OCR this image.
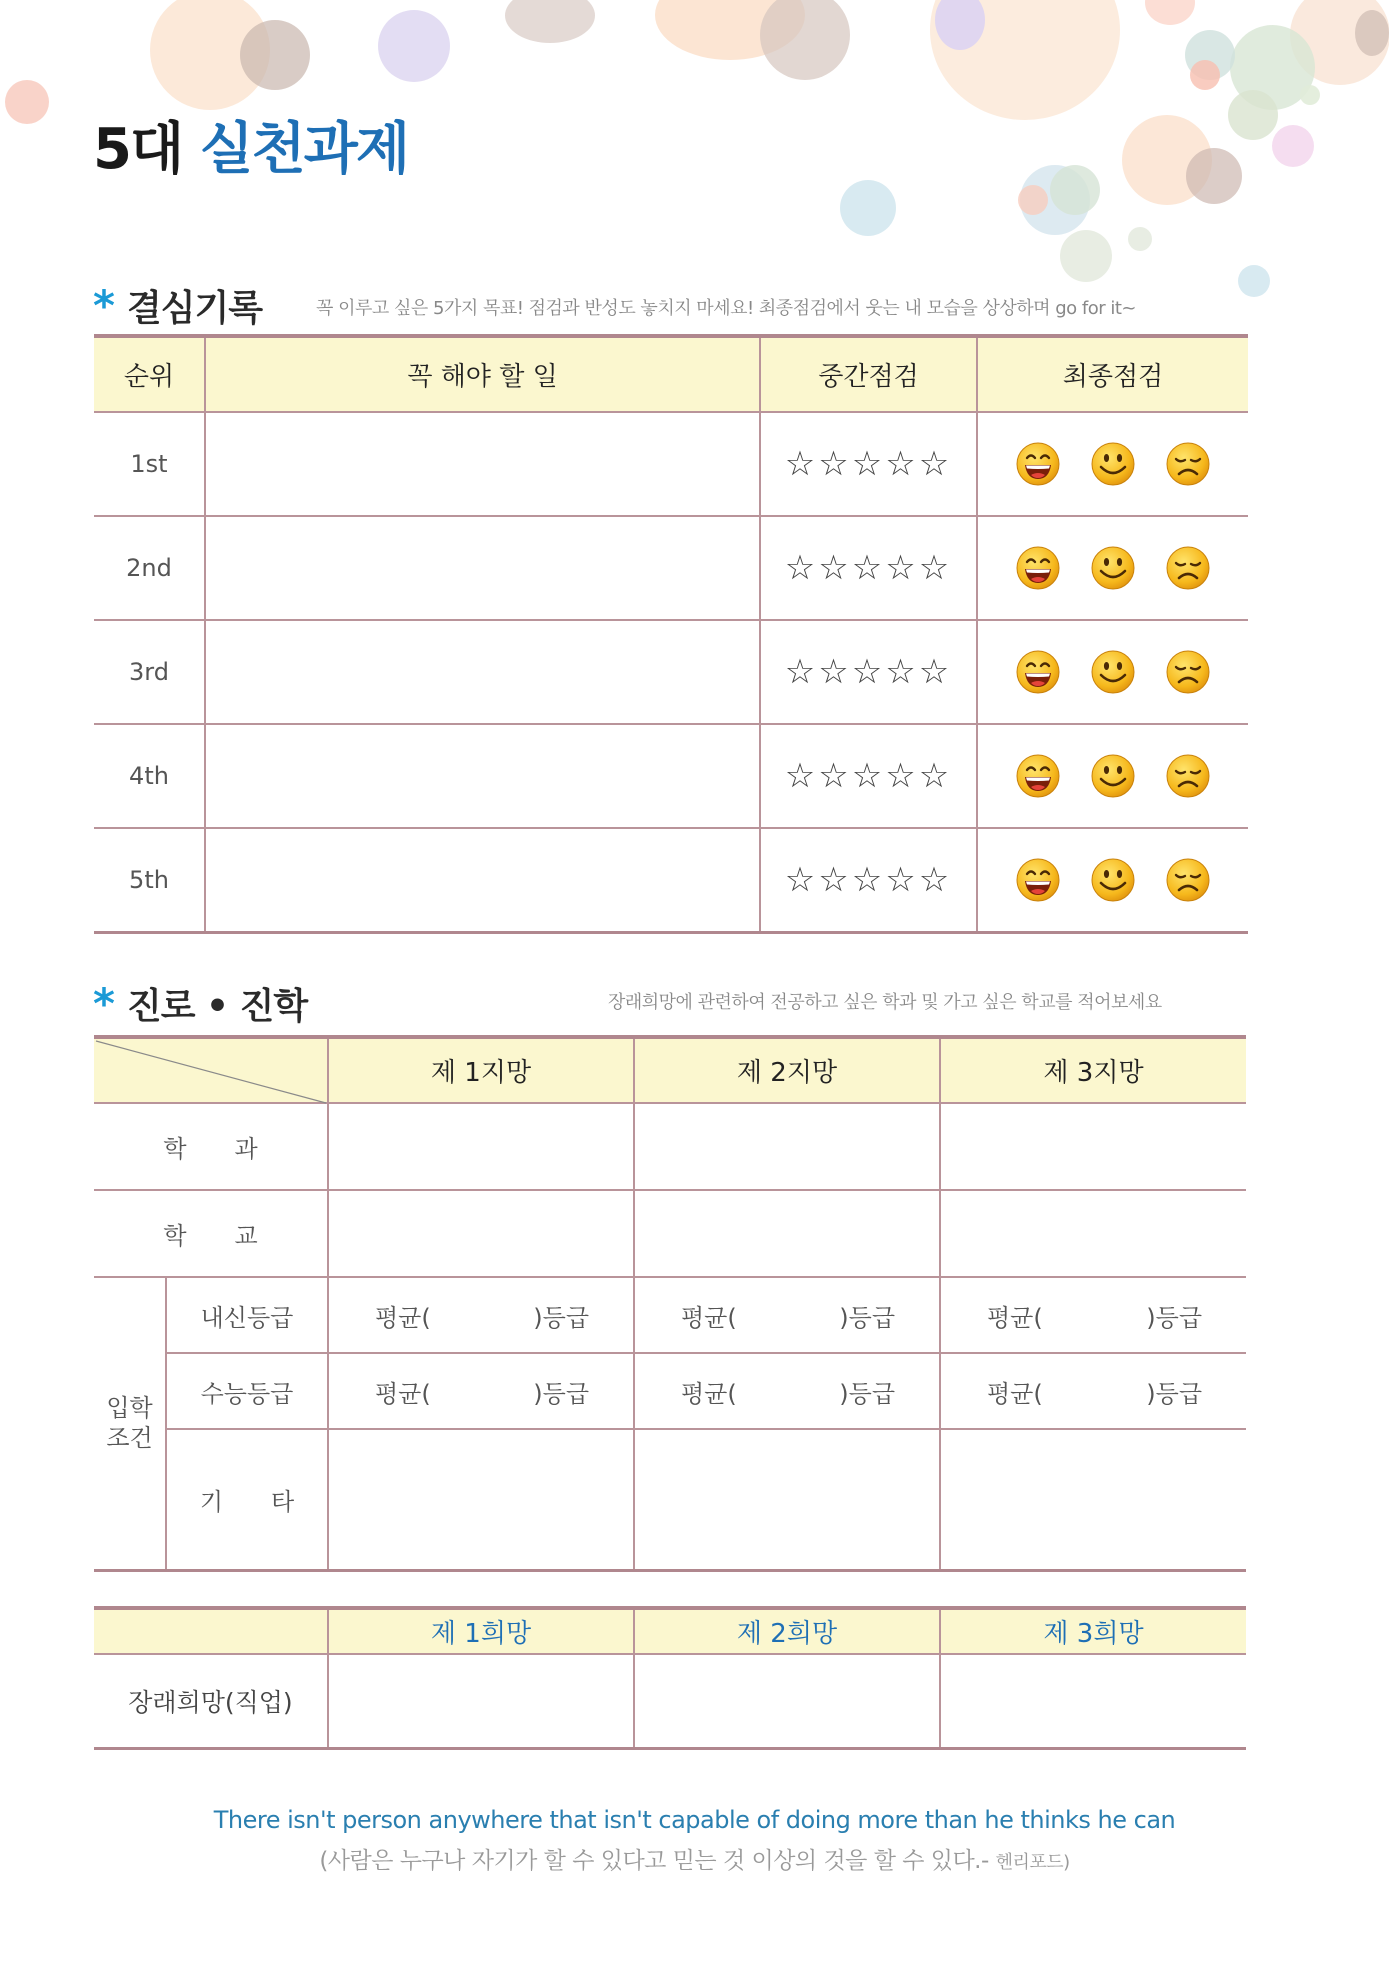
5대 실천과제
* 결심기록	꼭 이루고 싶은 5가지 목표! 점검과 반성도 놓치지 마세요! 최종점검에서 웃는 내 모습을 상상하며 go for it~
순위	꼭 해야 할 일	중간점검	최종점검
1st		☆☆☆☆☆	

2nd		☆☆☆☆☆	

3rd		☆☆☆☆☆	

4th		☆☆☆☆☆	

5th		☆☆☆☆☆	
* 진로 • 진학	장래희망에 관련하여 전공하고 싶은 학과 및 가고 싶은 학교를 적어보세요
	제 1지망	제 2지망	제 3지망
학　　과				
학　　교				
입학
조건	내신등급	평균( )등급	평균( )등급	평균( )등급

	수능등급	평균( )등급	평균( )등급	평균( )등급

	기　　타			
	제 1희망	제 2희망	제 3희망
장래희망(직업)			
There isn't person anywhere that isn't capable of doing more than he thinks he can
(사람은 누구나 자기가 할 수 있다고 믿는 것 이상의 것을 할 수 있다.- 헨리포드)
